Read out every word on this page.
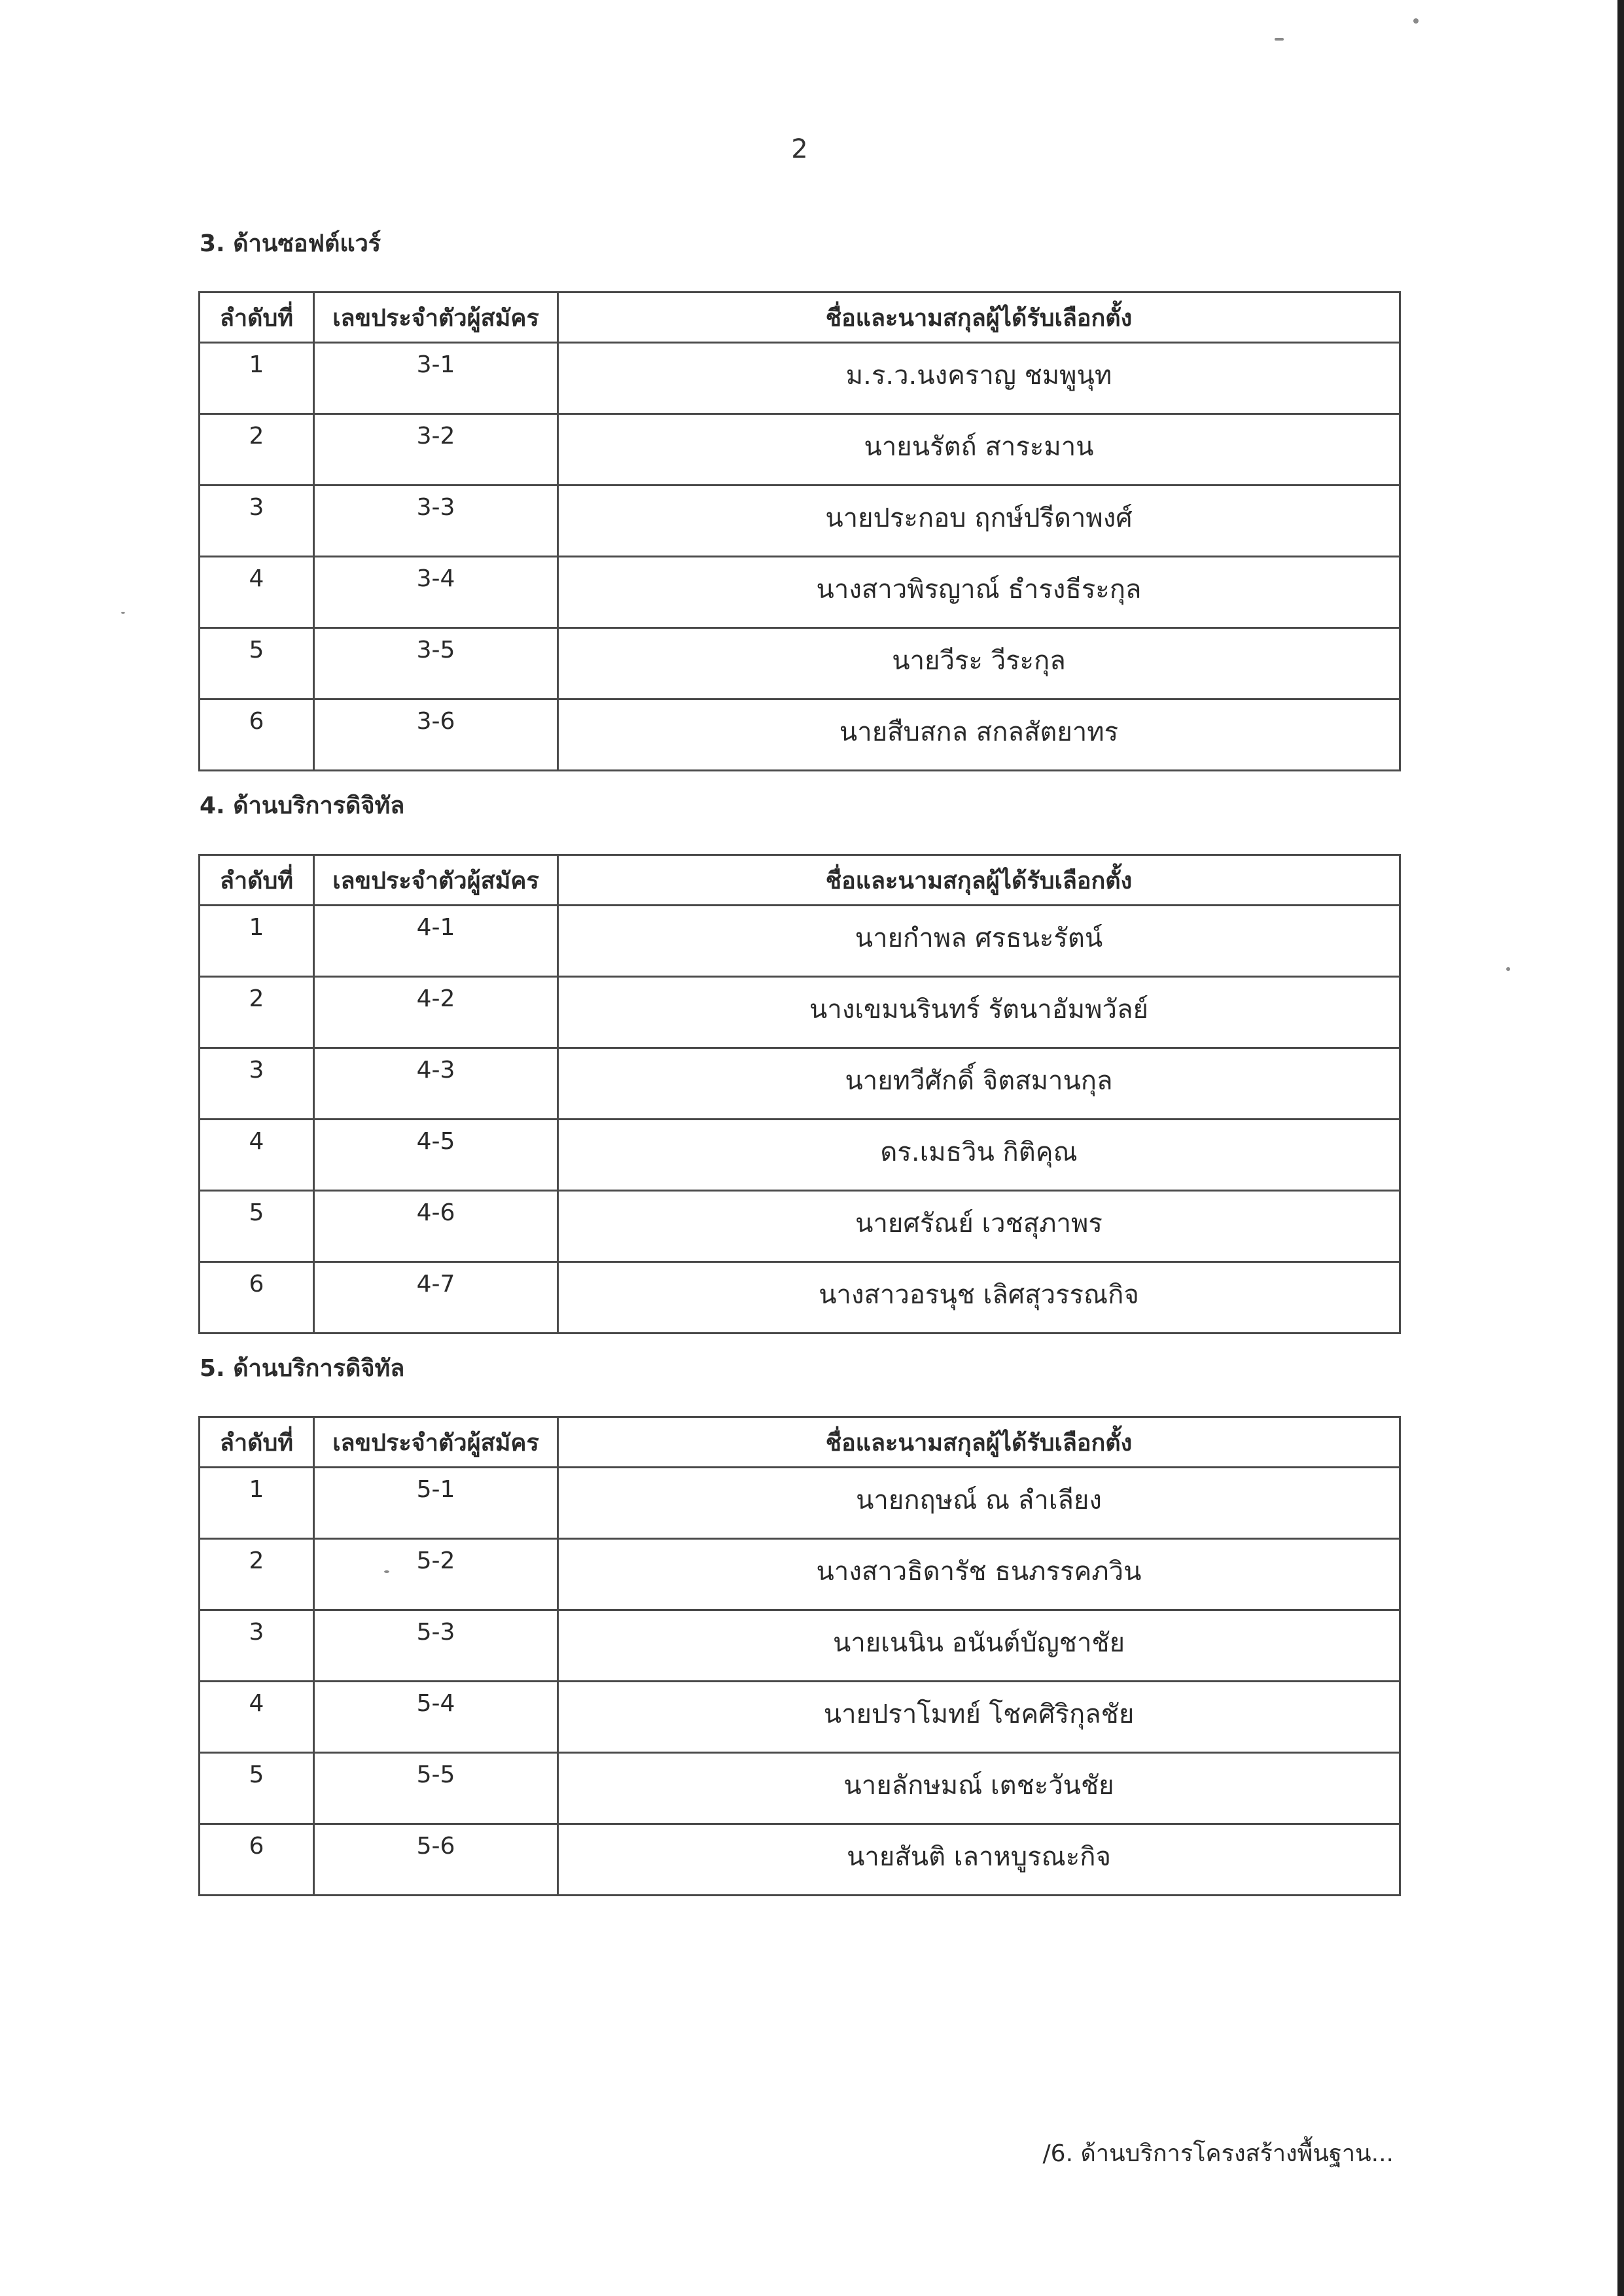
2
3. ด้านซอฟต์แวร์
ลำดับที่	เลขประจำตัวผู้สมัคร	ชื่อและนามสกุลผู้ได้รับเลือกตั้ง
1	3-1	ม.ร.ว.นงคราญ ชมพูนุท
2	3-2	นายนรัตถ์ สาระมาน
3	3-3	นายประกอบ ฤกษ์ปรีดาพงศ์
4	3-4	นางสาวพิรญาณ์ ธำรงธีระกุล
5	3-5	นายวีระ วีระกุล
6	3-6	นายสืบสกล สกลสัตยาทร
4. ด้านบริการดิจิทัล
ลำดับที่	เลขประจำตัวผู้สมัคร	ชื่อและนามสกุลผู้ได้รับเลือกตั้ง
1	4-1	นายกำพล ศรธนะรัตน์
2	4-2	นางเขมนรินทร์ รัตนาอัมพวัลย์
3	4-3	นายทวีศักดิ์ จิตสมานกุล
4	4-5	ดร.เมธวิน กิติคุณ
5	4-6	นายศรัณย์ เวชสุภาพร
6	4-7	นางสาวอรนุช เลิศสุวรรณกิจ
5. ด้านบริการดิจิทัล
ลำดับที่	เลขประจำตัวผู้สมัคร	ชื่อและนามสกุลผู้ได้รับเลือกตั้ง
1	5-1	นายกฤษณ์ ณ ลำเลียง
2	5-2	นางสาวธิดารัช ธนภรรคภวิน
3	5-3	นายเนนิน อนันต์บัญชาชัย
4	5-4	นายปราโมทย์ โชคศิริกุลชัย
5	5-5	นายลักษมณ์ เตชะวันชัย
6	5-6	นายสันติ เลาหบูรณะกิจ

/6. ด้านบริการโครงสร้างพื้นฐาน...
